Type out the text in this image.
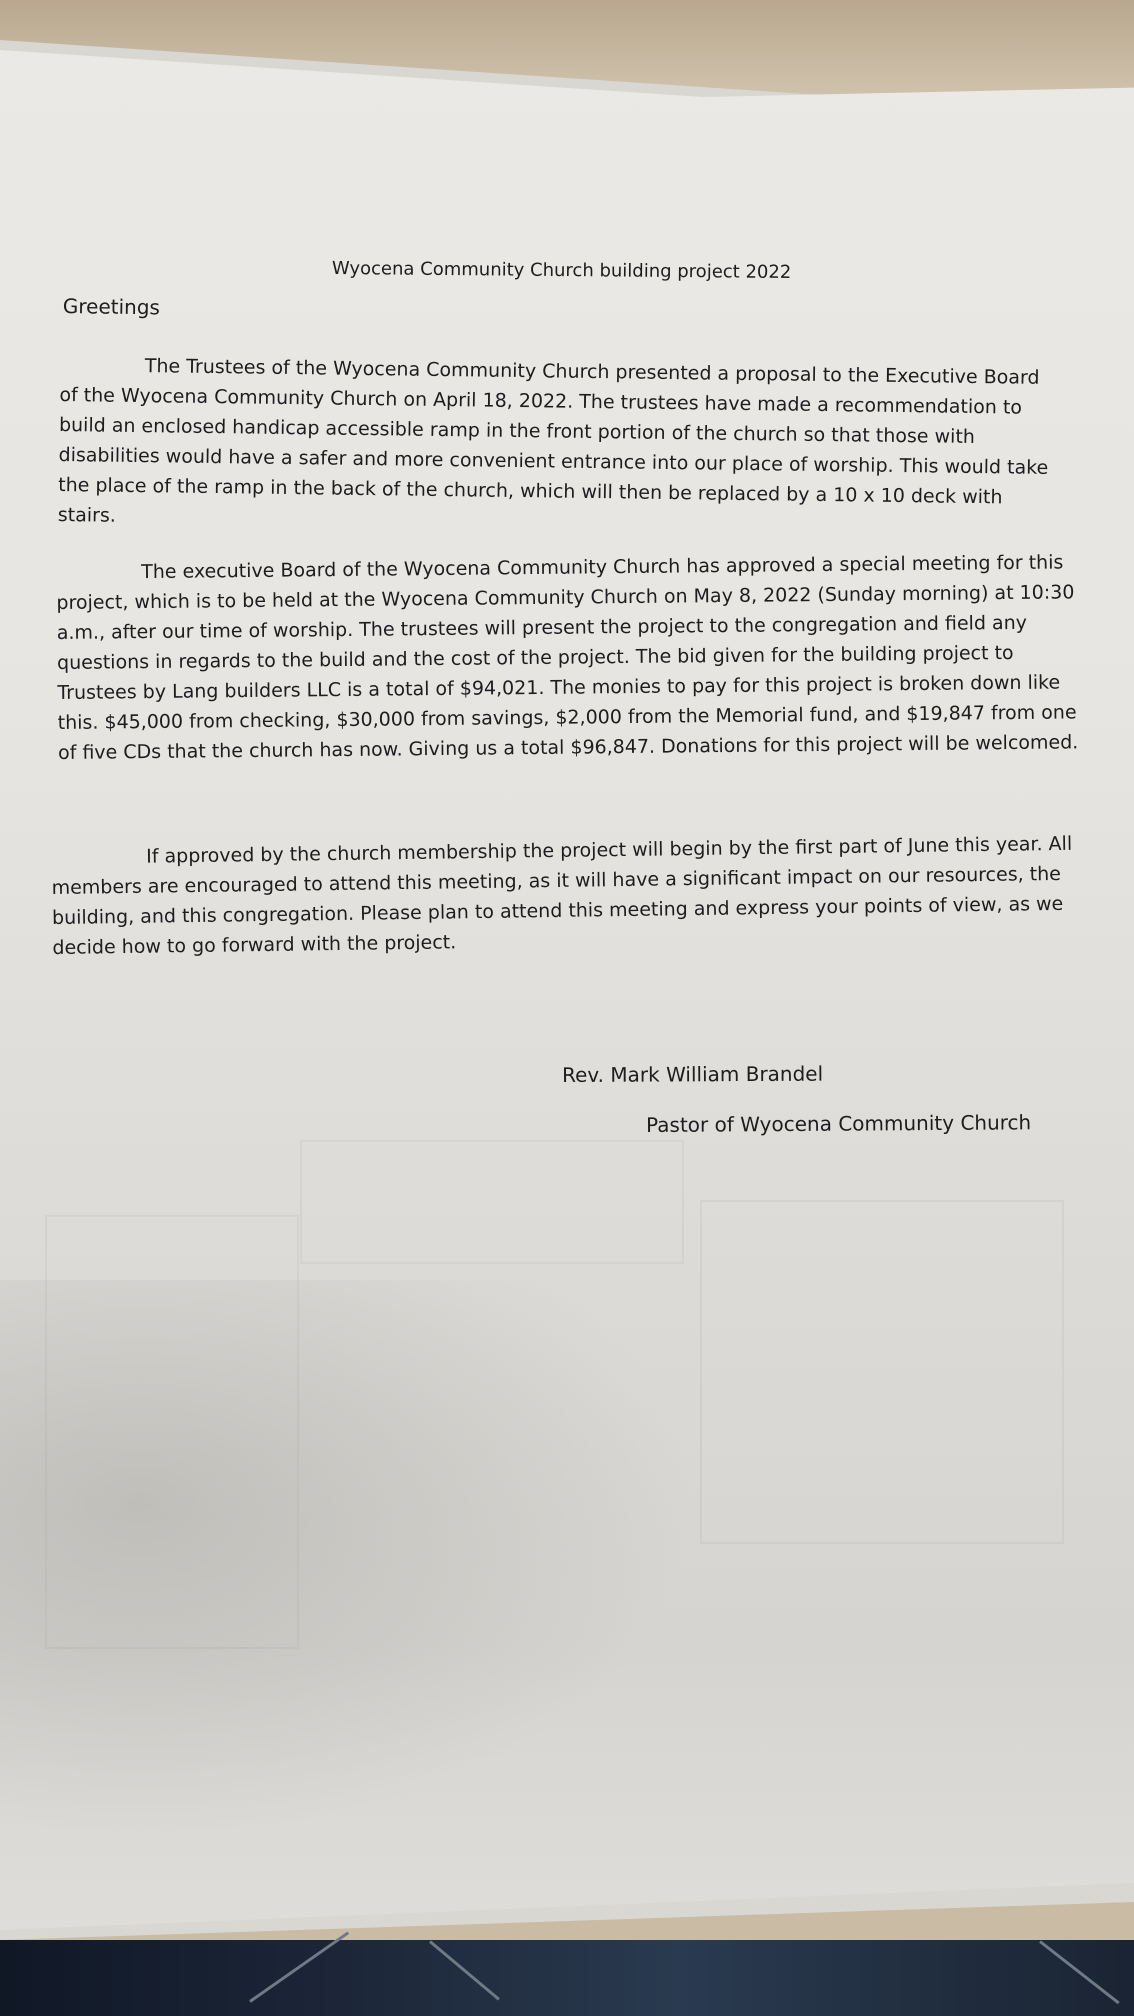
Wyocena Community Church building project 2022
Greetings
The Trustees of the Wyocena Community Church presented a proposal to the Executive Board of the Wyocena Community Church on April 18, 2022. The trustees have made a recommendation to build an enclosed handicap accessible ramp in the front portion of the church so that those with disabilities would have a safer and more convenient entrance into our place of worship. This would take the place of the ramp in the back of the church, which will then be replaced by a 10 x 10 deck with stairs.
The executive Board of the Wyocena Community Church has approved a special meeting for this project, which is to be held at the Wyocena Community Church on May 8, 2022 (Sunday morning) at 10:30 a.m., after our time of worship. The trustees will present the project to the congregation and field any questions in regards to the build and the cost of the project. The bid given for the building project to Trustees by Lang builders LLC is a total of $94,021. The monies to pay for this project is broken down like this. $45,000 from checking, $30,000 from savings, $2,000 from the Memorial fund, and $19,847 from one of five CDs that the church has now. Giving us a total $96,847. Donations for this project will be welcomed.
If approved by the church membership the project will begin by the first part of June this year. All members are encouraged to attend this meeting, as it will have a significant impact on our resources, the building, and this congregation. Please plan to attend this meeting and express your points of view, as we decide how to go forward with the project.
Rev. Mark William Brandel
Pastor of Wyocena Community Church
